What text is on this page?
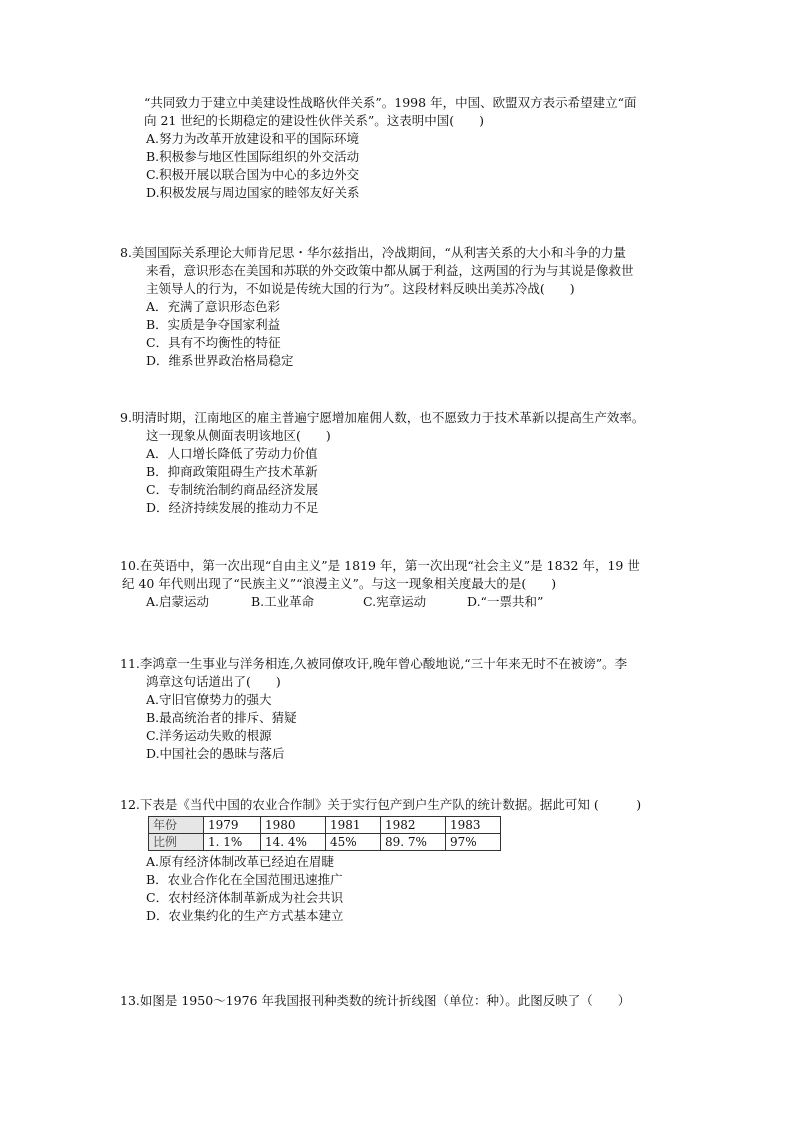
“共同致力于建立中美建设性战略伙伴关系”。1998 年，中国、欧盟双方表示希望建立“面
向 21 世纪的长期稳定的建设性伙伴关系”。这表明中国(　　)
A.努力为改革开放建设和平的国际环境
B.积极参与地区性国际组织的外交活动
C.积极开展以联合国为中心的多边外交
D.积极发展与周边国家的睦邻友好关系
8.美国国际关系理论大师肯尼思・华尔兹指出，冷战期间，“从利害关系的大小和斗争的力量
来看，意识形态在美国和苏联的外交政策中都从属于利益，这两国的行为与其说是像救世
主领导人的行为，不如说是传统大国的行为”。这段材料反映出美苏冷战(　　)
A．充满了意识形态色彩
B．实质是争夺国家利益
C．具有不均衡性的特征
D．维系世界政治格局稳定
9.明清时期，江南地区的雇主普遍宁愿增加雇佣人数，也不愿致力于技术革新以提高生产效率。
这一现象从侧面表明该地区(　　)
A．人口增长降低了劳动力价值
B．抑商政策阻碍生产技术革新
C．专制统治制约商品经济发展
D．经济持续发展的推动力不足
10.在英语中，第一次出现“自由主义”是 1819 年，第一次出现“社会主义”是 1832 年，19 世
纪 40 年代则出现了“民族主义”“浪漫主义”。与这一现象相关度最大的是(　　)
A.启蒙运动	B.工业革命	C.宪章运动	D.“一票共和”
11.李鸿章一生事业与洋务相连,久被同僚攻讦,晚年曾心酸地说,“三十年来无时不在被谤”。李
鸿章这句话道出了(　　)
A.守旧官僚势力的强大
B.最高统治者的排斥、猜疑
C.洋务运动失败的根源
D.中国社会的愚昧与落后
12.下表是《当代中国的农业合作制》关于实行包产到户生产队的统计数据。据此可知 (　　　)
年份	1979	1980	1981	1982	1983
比例	1. 1%	14. 4%	45%	89. 7%	97%
A.原有经济体制改革已经迫在眉睫
B．农业合作化在全国范围迅速推广
C．农村经济体制革新成为社会共识
D．农业集约化的生产方式基本建立
13.如图是 1950～1976 年我国报刊种类数的统计折线图（单位：种）。此图反映了（　　）
